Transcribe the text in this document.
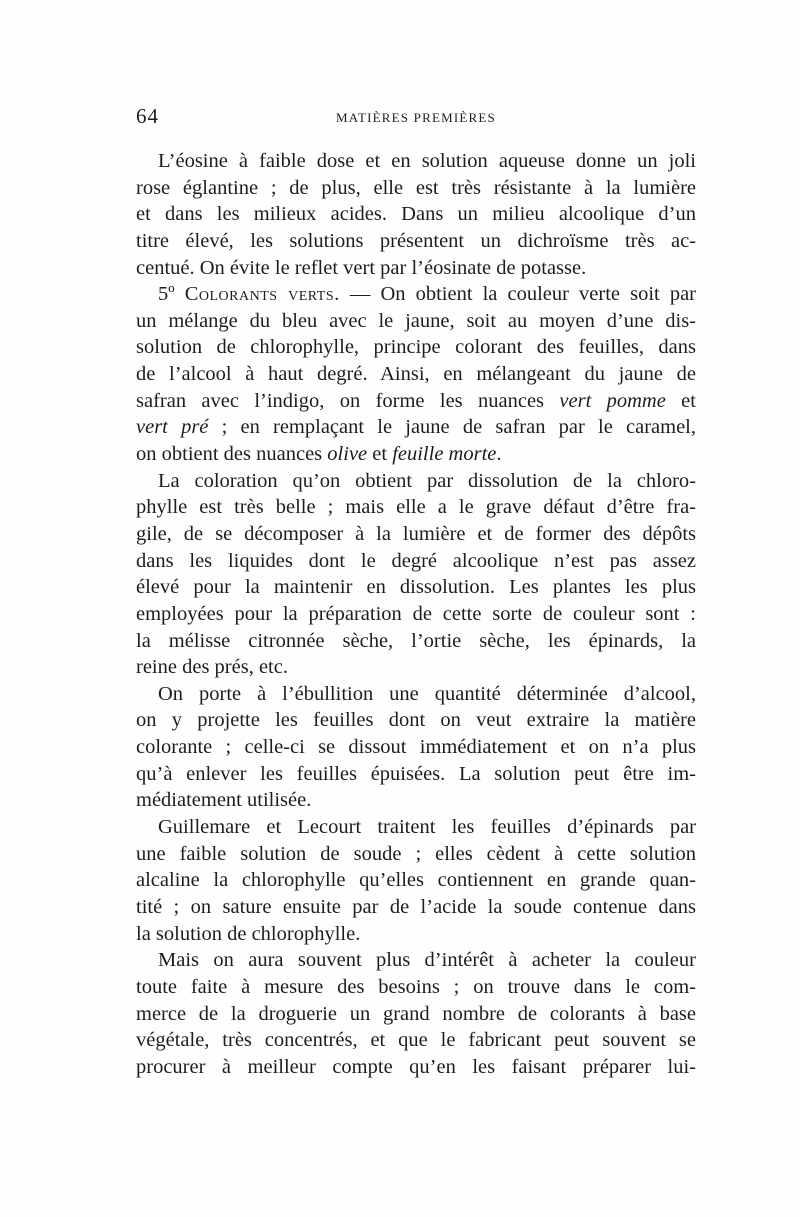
64	MATIÈRES PREMIÈRES
L’éosine à faible dose et en solution aqueuse donne un joli
rose églantine ; de plus, elle est très résistante à la lumière
et dans les milieux acides. Dans un milieu alcoolique d’un
titre élevé, les solutions présentent un dichroïsme très ac-
centué. On évite le reflet vert par l’éosinate de potasse.
5º Colorants verts. — On obtient la couleur verte soit par
un mélange du bleu avec le jaune, soit au moyen d’une dis-
solution de chlorophylle, principe colorant des feuilles, dans
de l’alcool à haut degré. Ainsi, en mélangeant du jaune de
safran avec l’indigo, on forme les nuances vert pomme et
vert pré ; en remplaçant le jaune de safran par le caramel,
on obtient des nuances olive et feuille morte.
La coloration qu’on obtient par dissolution de la chloro-
phylle est très belle ; mais elle a le grave défaut d’être fra-
gile, de se décomposer à la lumière et de former des dépôts
dans les liquides dont le degré alcoolique n’est pas assez
élevé pour la maintenir en dissolution. Les plantes les plus
employées pour la préparation de cette sorte de couleur sont :
la mélisse citronnée sèche, l’ortie sèche, les épinards, la
reine des prés, etc.
On porte à l’ébullition une quantité déterminée d’alcool,
on y projette les feuilles dont on veut extraire la matière
colorante ; celle-ci se dissout immédiatement et on n’a plus
qu’à enlever les feuilles épuisées. La solution peut être im-
médiatement utilisée.
Guillemare et Lecourt traitent les feuilles d’épinards par
une faible solution de soude ; elles cèdent à cette solution
alcaline la chlorophylle qu’elles contiennent en grande quan-
tité ; on sature ensuite par de l’acide la soude contenue dans
la solution de chlorophylle.
Mais on aura souvent plus d’intérêt à acheter la couleur
toute faite à mesure des besoins ; on trouve dans le com-
merce de la droguerie un grand nombre de colorants à base
végétale, très concentrés, et que le fabricant peut souvent se
procurer à meilleur compte qu’en les faisant préparer lui-
